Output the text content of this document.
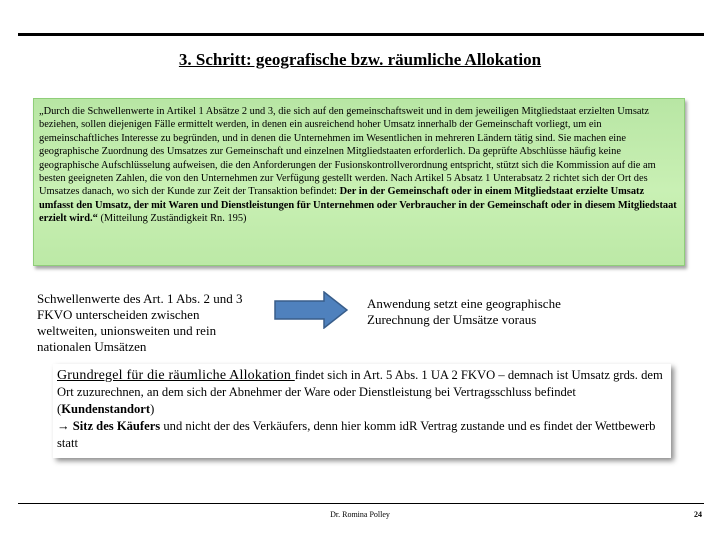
3. Schritt: geografische bzw. räumliche Allokation
„Durch die Schwellenwerte in Artikel 1 Absätze 2 und 3, die sich auf den gemeinschaftsweit und in dem jeweiligen Mitgliedstaat erzielten Umsatz beziehen, sollen diejenigen Fälle ermittelt werden, in denen ein ausreichend hoher Umsatz innerhalb der Gemeinschaft vorliegt, um ein gemeinschaftliches Interesse zu begründen, und in denen die Unternehmen im Wesentlichen in mehreren Ländern tätig sind. Sie machen eine geographische Zuordnung des Umsatzes zur Gemeinschaft und einzelnen Mitgliedstaaten erforderlich. Da geprüfte Abschlüsse häufig keine geographische Aufschlüsselung aufweisen, die den Anforderungen der Fusionskontrollverordnung entspricht, stützt sich die Kommission auf die am besten geeigneten Zahlen, die von den Unternehmen zur Verfügung gestellt werden. Nach Artikel 5 Absatz 1 Unterabsatz 2 richtet sich der Ort des Umsatzes danach, wo sich der Kunde zur Zeit der Transaktion befindet: Der in der Gemeinschaft oder in einem Mitgliedstaat erzielte Umsatz umfasst den Umsatz, der mit Waren und Dienstleistungen für Unternehmen oder Verbraucher in der Gemeinschaft oder in diesem Mitgliedstaat erzielt wird.“ (Mitteilung Zuständigkeit Rn. 195)
Schwellenwerte des Art. 1 Abs. 2 und 3 FKVO unterscheiden zwischen weltweiten, unionsweiten und rein nationalen Umsätzen
Anwendung setzt eine geographische Zurechnung der Umsätze voraus
Grundregel für die räumliche Allokation findet sich in Art. 5 Abs. 1 UA 2 FKVO – demnach ist Umsatz grds. dem Ort zuzurechnen, an dem sich der Abnehmer der Ware oder Dienstleistung bei Vertragsschluss befindet (Kundenstandort)
→ Sitz des Käufers und nicht der des Verkäufers, denn hier komm idR Vertrag zustande und es findet der Wettbewerb statt
Dr. Romina Polley	24
